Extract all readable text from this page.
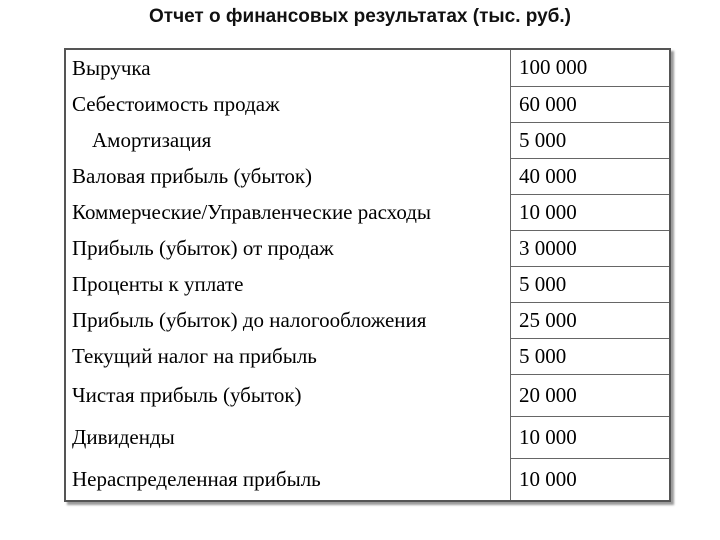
Отчет о финансовых результатах (тыс. руб.)
Выручка	100 000
Себестоимость продаж	60 000
Амортизация	5 000
Валовая прибыль (убыток)	40 000
Коммерческие/Управленческие расходы	10 000
Прибыль (убыток) от продаж	3 0000
Проценты к уплате	5 000
Прибыль (убыток) до налогообложения	25 000
Текущий налог на прибыль	5 000
Чистая прибыль (убыток)	20 000
Дивиденды	10 000
Нераспределенная прибыль	10 000
